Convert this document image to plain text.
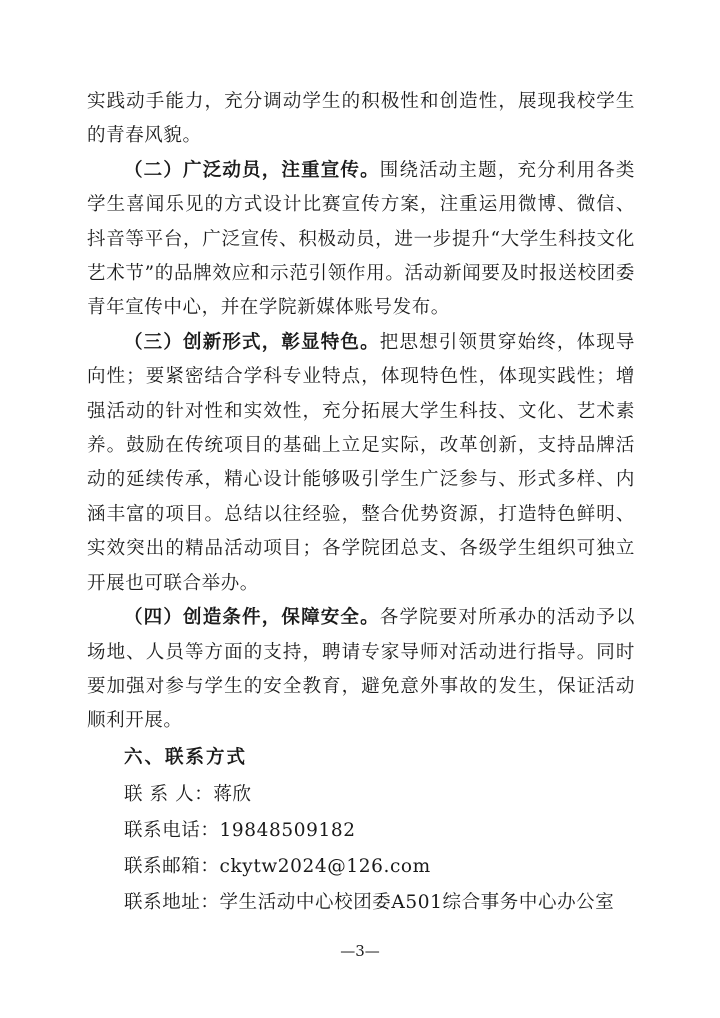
实践动手能力，充分调动学生的积极性和创造性，展现我校学生的青春风貌。

（二）广泛动员，注重宣传。围绕活动主题，充分利用各类学生喜闻乐见的方式设计比赛宣传方案，注重运用微博、微信、抖音等平台，广泛宣传、积极动员，进一步提升“大学生科技文化艺术节”的品牌效应和示范引领作用。活动新闻要及时报送校团委青年宣传中心，并在学院新媒体账号发布。

（三）创新形式，彰显特色。把思想引领贯穿始终，体现导向性；要紧密结合学科专业特点，体现特色性，体现实践性；增强活动的针对性和实效性，充分拓展大学生科技、文化、艺术素养。鼓励在传统项目的基础上立足实际，改革创新，支持品牌活动的延续传承，精心设计能够吸引学生广泛参与、形式多样、内涵丰富的项目。总结以往经验，整合优势资源，打造特色鲜明、实效突出的精品活动项目；各学院团总支、各级学生组织可独立开展也可联合举办。

（四）创造条件，保障安全。各学院要对所承办的活动予以场地、人员等方面的支持，聘请专家导师对活动进行指导。同时要加强对参与学生的安全教育，避免意外事故的发生，保证活动顺利开展。

六、联系方式

联 系 人：蒋欣

联系电话：19848509182

联系邮箱：ckytw2024@126.com

联系地址：学生活动中心校团委A501综合事务中心办公室

—3—
